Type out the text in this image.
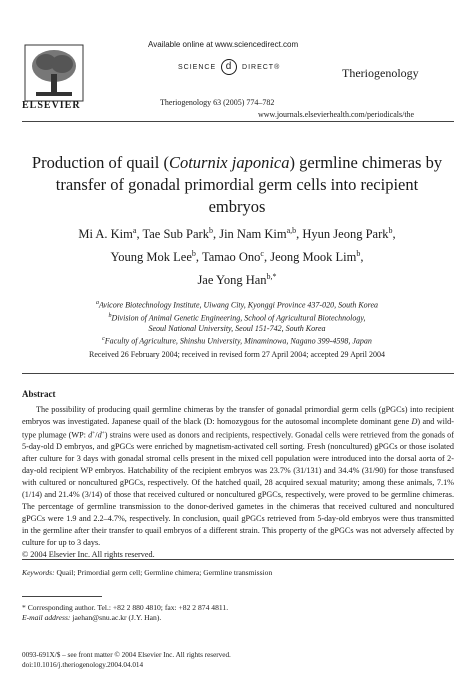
ELSEVIER
Available online at www.sciencedirect.com
SCIENCE d DIRECT®	Theriogenology
Theriogenology 63 (2005) 774–782
www.journals.elsevierhealth.com/periodicals/the
Production of quail (Coturnix japonica) germline chimeras by transfer of gonadal primordial germ cells into recipient embryos
Mi A. Kim$^a$, Tae Sub Park$^b$, Jin Nam Kim$^{a,b}$, Hyun Jeong Park$^b$,
Young Mok Lee$^b$, Tamao Ono$^c$, Jeong Mook Lim$^b$,
Jae Yong Han$^{b,*}$
$^a$Avicore Biotechnology Institute, Uiwang City, Kyonggi Province 437-020, South Korea
$^b$Division of Animal Genetic Engineering, School of Agricultural Biotechnology,
Seoul National University, Seoul 151-742, South Korea
$^c$Faculty of Agriculture, Shinshu University, Minaminowa, Nagano 399-4598, Japan
Received 26 February 2004; received in revised form 27 April 2004; accepted 29 April 2004
Abstract
The possibility of producing quail germline chimeras by the transfer of gonadal primordial germ cells (gPGCs) into recipient embryos was investigated. Japanese quail of the black (D: homozygous for the autosomal incomplete dominant gene D) and wild-type plumage (WP: d+/d+) strains were used as donors and recipients, respectively. Gonadal cells were retrieved from the gonads of 5-day-old D embryos, and gPGCs were enriched by magnetism-activated cell sorting. Fresh (noncultured) gPGCs or those isolated after culture for 3 days with gonadal stromal cells present in the mixed cell population were introduced into the dorsal aorta of 2-day-old recipient WP embryos. Hatchability of the recipient embryos was 23.7% (31/131) and 34.4% (31/90) for those transfused with cultured or noncultured gPGCs, respectively. Of the hatched quail, 28 acquired sexual maturity; among these animals, 7.1% (1/14) and 21.4% (3/14) of those that received cultured or noncultured gPGCs, respectively, were proved to be germline chimeras. The percentage of germline transmission to the donor-derived gametes in the chimeras that received cultured and noncultured gPGCs were 1.9 and 2.2–4.7%, respectively. In conclusion, quail gPGCs retrieved from 5-day-old embryos were thus transmitted in the germline after their transfer to quail embryos of a different strain. This property of the gPGCs was not adversely affected by culture for up to 3 days.
© 2004 Elsevier Inc. All rights reserved.
Keywords: Quail; Primordial germ cell; Germline chimera; Germline transmission
* Corresponding author. Tel.: +82 2 880 4810; fax: +82 2 874 4811.
E-mail address: jaehan@snu.ac.kr (J.Y. Han).
0093-691X/$ – see front matter © 2004 Elsevier Inc. All rights reserved.
doi:10.1016/j.theriogenology.2004.04.014
